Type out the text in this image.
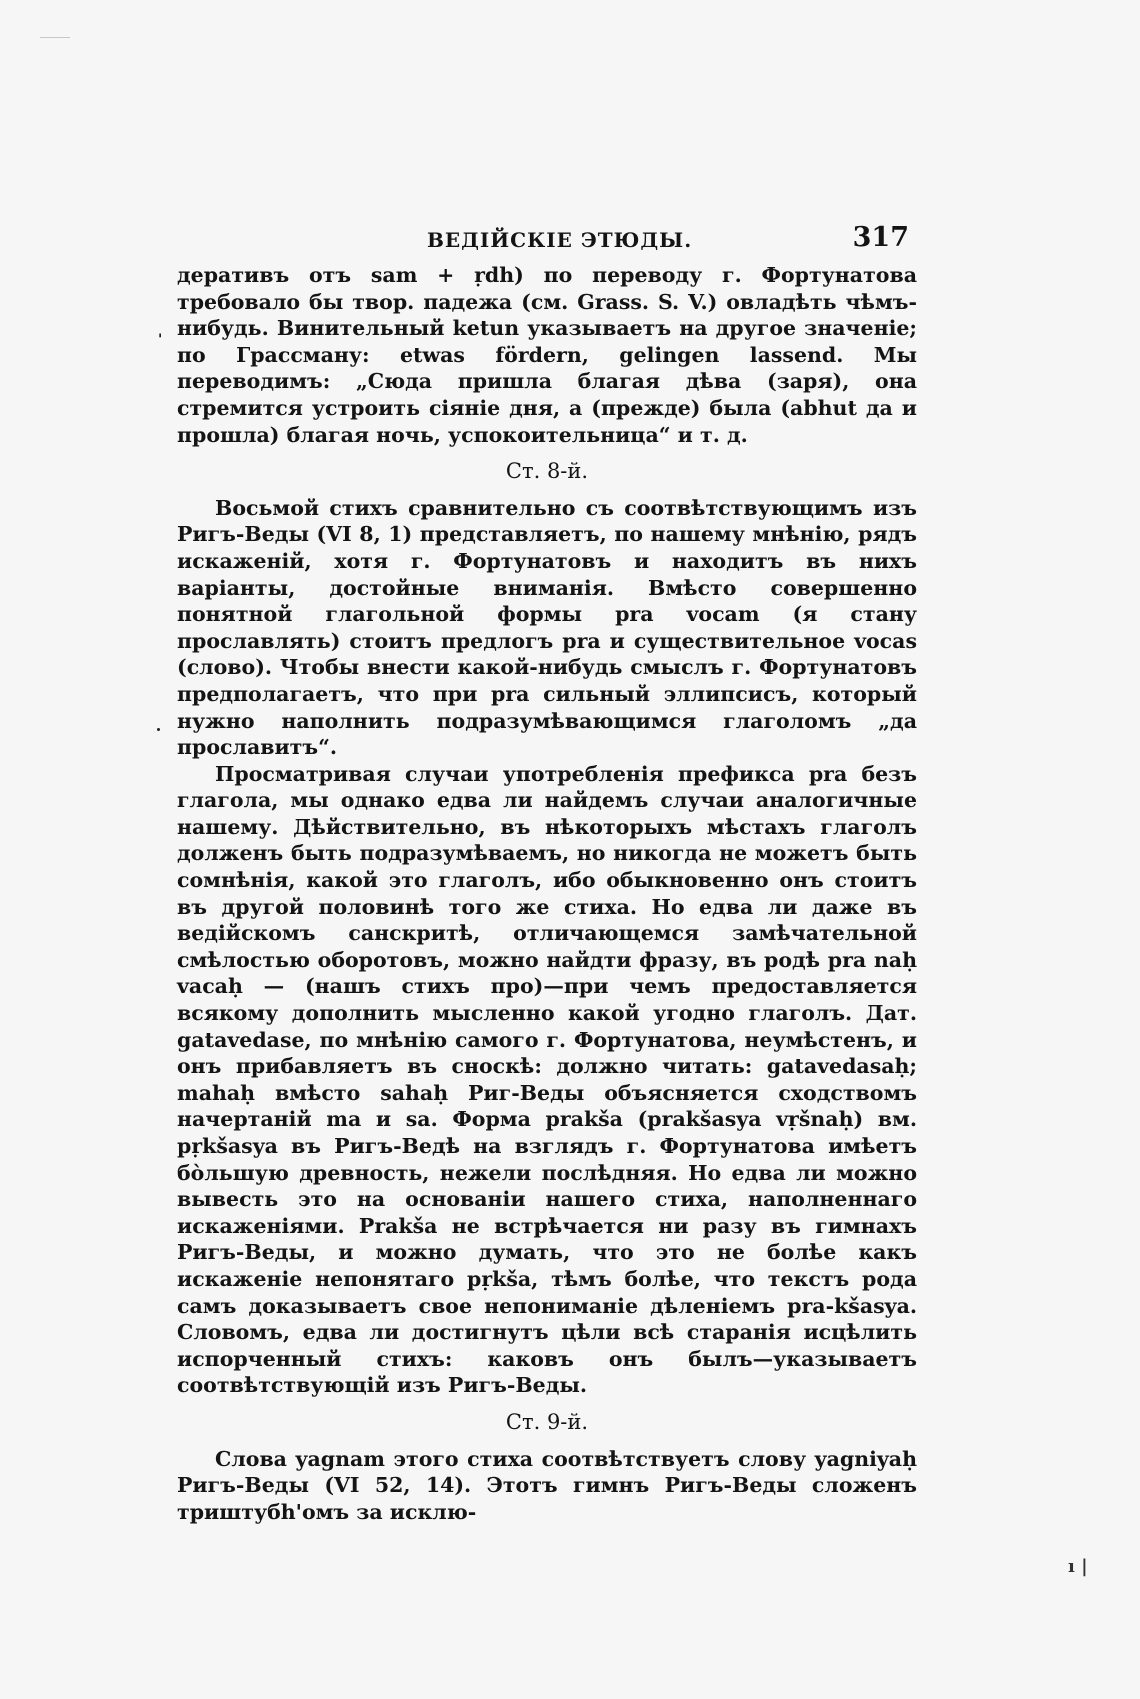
'
ВЕДІЙСКІЕ ЭТЮДЫ.	317

деративъ отъ sam + ṛdh) по переводу г. Фортунатова требовало бы твор. падежа (см. Grass. S. V.) овладѣть чѣмъ-нибудь. Винительный ketun указываетъ на другое значеніе; по Грассману: etwas fördern, gelingen lassend. Мы переводимъ: „Сюда пришла благая дѣва (заря), она стремится устроить сіяніе дня, а (прежде) была (abhut да и прошла) благая ночь, успокоительница“ и т. д.

Ст. 8-й.

Восьмой стихъ сравнительно съ соотвѣтствующимъ изъ Ригъ-Веды (VI 8, 1) представляетъ, по нашему мнѣнію, рядъ искаженій, хотя г. Фортунатовъ и находитъ въ нихъ варіанты, достойные вниманія. Вмѣсто совершенно понятной глагольной формы pra vocam (я стану прославлять) стоитъ предлогъ pra и существительное vocas (слово). Чтобы внести какой-нибудь смыслъ г. Фортунатовъ предполагаетъ, что при pra сильный эллипсисъ, который нужно наполнить подразумѣвающимся глаголомъ „да прославитъ“.

Просматривая случаи употребленія префикса pra безъ глагола, мы однако едва ли найдемъ случаи аналогичные нашему. Дѣйствительно, въ нѣкоторыхъ мѣстахъ глаголъ долженъ быть подразумѣваемъ, но никогда не можетъ быть сомнѣнія, какой это глаголъ, ибо обыкновенно онъ стоитъ въ другой половинѣ того же стиха. Но едва ли даже въ ведійскомъ санскритѣ, отличающемся замѣчательной смѣлостью оборотовъ, можно найдти фразу, въ родѣ pra naḥ vacaḥ — (нашъ стихъ про)—при чемъ предоставляется всякому дополнить мысленно какой угодно глаголъ. Дат. gatavedase, по мнѣнію самого г. Фортунатова, неумѣстенъ, и онъ прибавляетъ въ сноскѣ: должно читать: gatavedasaḥ; mahaḥ вмѣсто sahaḥ Риг-Веды объясняется сходствомъ начертаній ma и sa. Форма prakša (prakšasya vṛšnaḥ) вм. pṛkšasya въ Ригъ-Ведѣ на взглядъ г. Фортунатова имѣетъ бо̀льшую древность, нежели послѣдняя. Но едва ли можно вывесть это на основаніи нашего стиха, наполненнаго искаженіями. Prakša не встрѣчается ни разу въ гимнахъ Ригъ-Веды, и можно думать, что это не болѣе какъ искаженіе непонятаго pṛkša, тѣмъ болѣе, что текстъ рода самъ доказываетъ свое непониманіе дѣленіемъ pra-kšasya. Словомъ, едва ли достигнутъ цѣли всѣ старанія исцѣлить испорченный стихъ: каковъ онъ былъ—указываетъ соотвѣтствующій изъ Ригъ-Веды.

Ст. 9-й.

Слова yagnam этого стиха соотвѣтствуетъ слову yagniyaḥ Ригъ-Веды (VI 52, 14). Этотъ гимнъ Ригъ-Веды сложенъ триштубh'омъ за исклю-

ı |
